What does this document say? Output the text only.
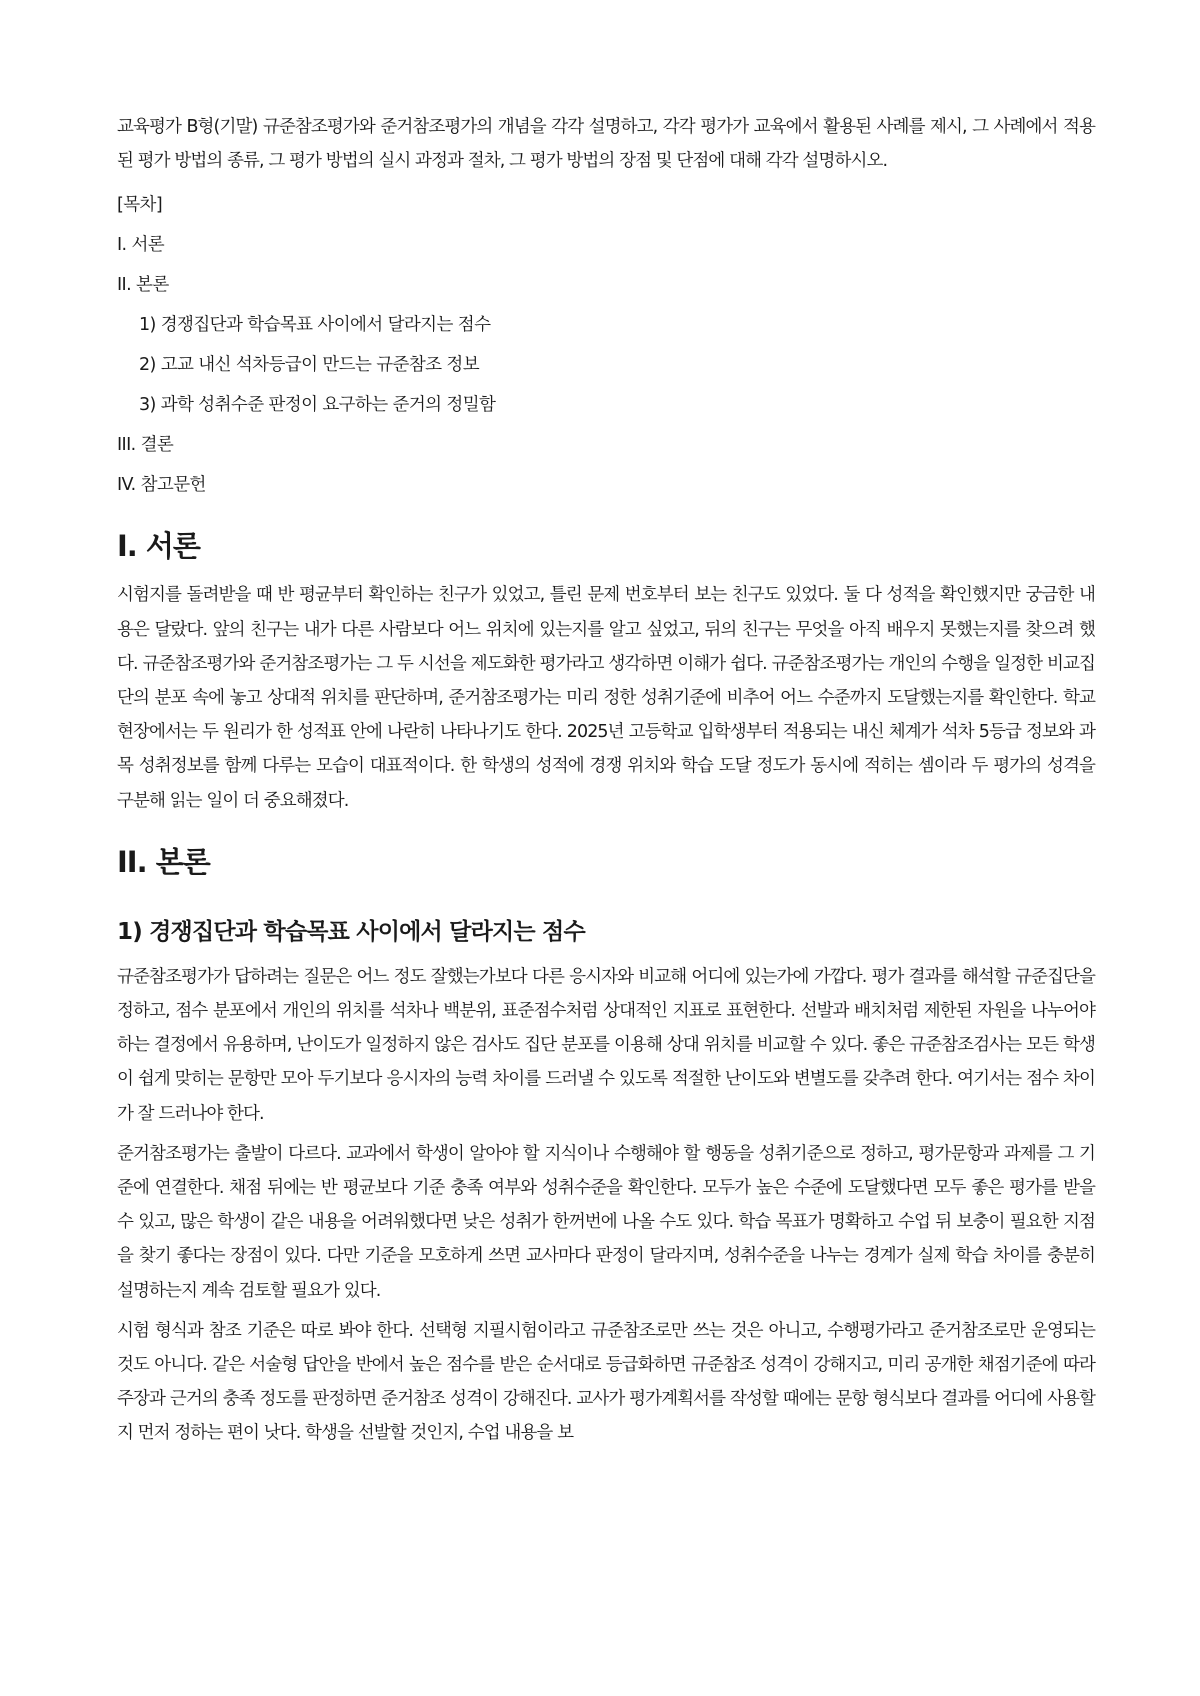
교육평가 B형(기말) 규준참조평가와 준거참조평가의 개념을 각각 설명하고, 각각 평가가 교육에서 활용된 사례를 제시, 그 사례에서 적용된 평가 방법의 종류, 그 평가 방법의 실시 과정과 절차, 그 평가 방법의 장점 및 단점에 대해 각각 설명하시오.

[목차]
I. 서론
II. 본론
1) 경쟁집단과 학습목표 사이에서 달라지는 점수
2) 고교 내신 석차등급이 만드는 규준참조 정보
3) 과학 성취수준 판정이 요구하는 준거의 정밀함
III. 결론
IV. 참고문헌
I. 서론

시험지를 돌려받을 때 반 평균부터 확인하는 친구가 있었고, 틀린 문제 번호부터 보는 친구도 있었다. 둘 다 성적을 확인했지만 궁금한 내용은 달랐다. 앞의 친구는 내가 다른 사람보다 어느 위치에 있는지를 알고 싶었고, 뒤의 친구는 무엇을 아직 배우지 못했는지를 찾으려 했다. 규준참조평가와 준거참조평가는 그 두 시선을 제도화한 평가라고 생각하면 이해가 쉽다. 규준참조평가는 개인의 수행을 일정한 비교집단의 분포 속에 놓고 상대적 위치를 판단하며, 준거참조평가는 미리 정한 성취기준에 비추어 어느 수준까지 도달했는지를 확인한다. 학교 현장에서는 두 원리가 한 성적표 안에 나란히 나타나기도 한다. 2025년 고등학교 입학생부터 적용되는 내신 체계가 석차 5등급 정보와 과목 성취정보를 함께 다루는 모습이 대표적이다. 한 학생의 성적에 경쟁 위치와 학습 도달 정도가 동시에 적히는 셈이라 두 평가의 성격을 구분해 읽는 일이 더 중요해졌다.

II. 본론
1) 경쟁집단과 학습목표 사이에서 달라지는 점수

규준참조평가가 답하려는 질문은 어느 정도 잘했는가보다 다른 응시자와 비교해 어디에 있는가에 가깝다. 평가 결과를 해석할 규준집단을 정하고, 점수 분포에서 개인의 위치를 석차나 백분위, 표준점수처럼 상대적인 지표로 표현한다. 선발과 배치처럼 제한된 자원을 나누어야 하는 결정에서 유용하며, 난이도가 일정하지 않은 검사도 집단 분포를 이용해 상대 위치를 비교할 수 있다. 좋은 규준참조검사는 모든 학생이 쉽게 맞히는 문항만 모아 두기보다 응시자의 능력 차이를 드러낼 수 있도록 적절한 난이도와 변별도를 갖추려 한다. 여기서는 점수 차이가 잘 드러나야 한다.

준거참조평가는 출발이 다르다. 교과에서 학생이 알아야 할 지식이나 수행해야 할 행동을 성취기준으로 정하고, 평가문항과 과제를 그 기준에 연결한다. 채점 뒤에는 반 평균보다 기준 충족 여부와 성취수준을 확인한다. 모두가 높은 수준에 도달했다면 모두 좋은 평가를 받을 수 있고, 많은 학생이 같은 내용을 어려워했다면 낮은 성취가 한꺼번에 나올 수도 있다. 학습 목표가 명확하고 수업 뒤 보충이 필요한 지점을 찾기 좋다는 장점이 있다. 다만 기준을 모호하게 쓰면 교사마다 판정이 달라지며, 성취수준을 나누는 경계가 실제 학습 차이를 충분히 설명하는지 계속 검토할 필요가 있다.

시험 형식과 참조 기준은 따로 봐야 한다. 선택형 지필시험이라고 규준참조로만 쓰는 것은 아니고, 수행평가라고 준거참조로만 운영되는 것도 아니다. 같은 서술형 답안을 반에서 높은 점수를 받은 순서대로 등급화하면 규준참조 성격이 강해지고, 미리 공개한 채점기준에 따라 주장과 근거의 충족 정도를 판정하면 준거참조 성격이 강해진다. 교사가 평가계획서를 작성할 때에는 문항 형식보다 결과를 어디에 사용할지 먼저 정하는 편이 낫다. 학생을 선발할 것인지, 수업 내용을 보
